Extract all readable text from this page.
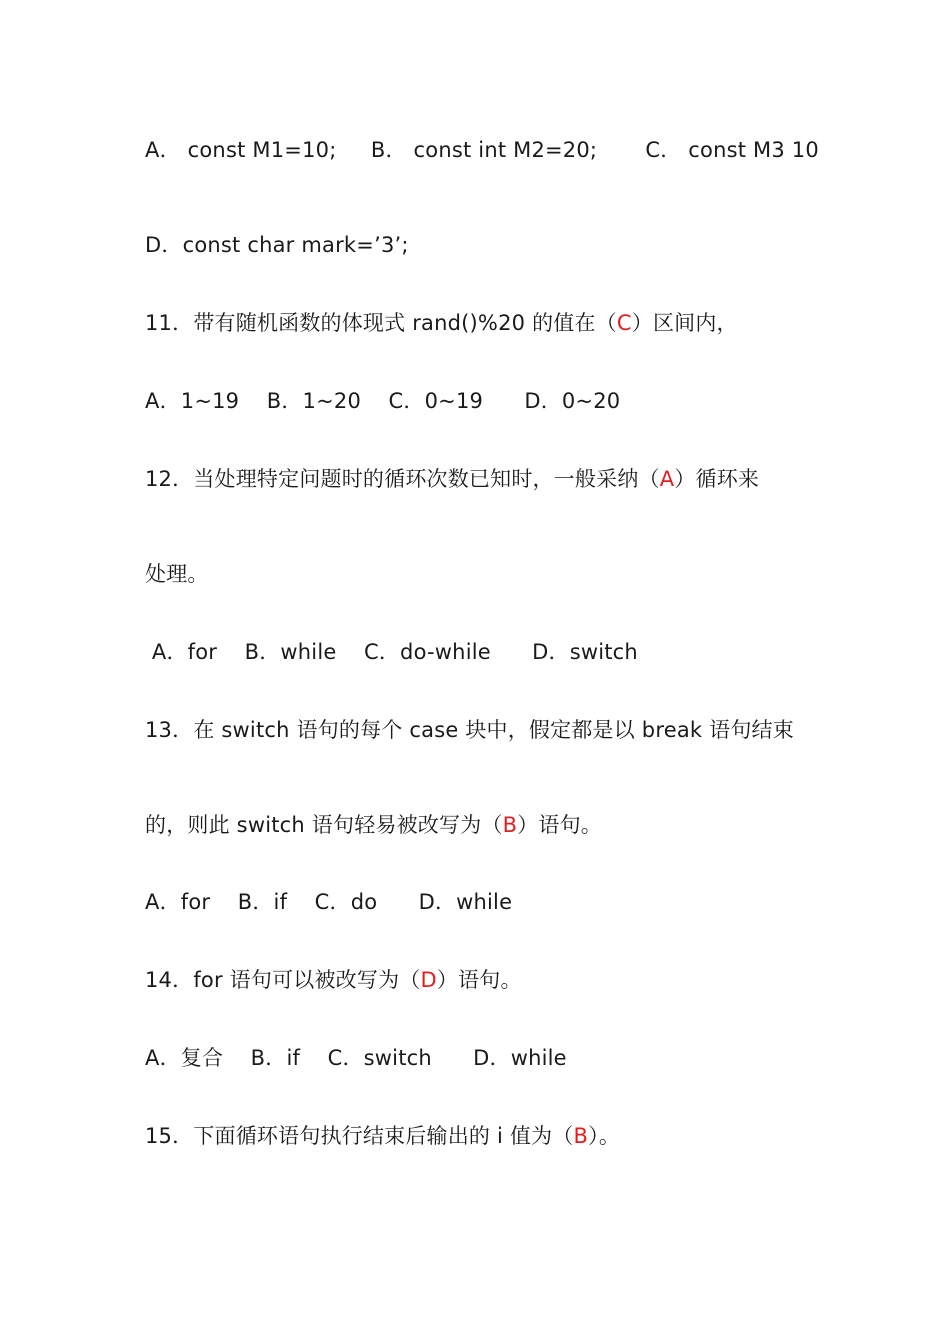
A． const M1=10;     B． const int M2=20;       C． const M3 10
D．const char mark=’3’;
11．带有随机函数的体现式 rand()%20 的值在（C）区间内，
A．1~19    B．1~20    C．0~19      D．0~20
12．当处理特定问题时的循环次数已知时，一般采纳（A）循环来
处理。
A．for    B．while    C．do-while      D．switch
13．在 switch 语句的每个 case 块中，假定都是以 break 语句结束
的，则此 switch 语句轻易被改写为（B）语句。
A．for    B．if    C．do      D．while
14．for 语句可以被改写为（D）语句。
A．复合    B．if    C．switch      D．while
15．下面循环语句执行结束后输出的 i 值为（B）。
